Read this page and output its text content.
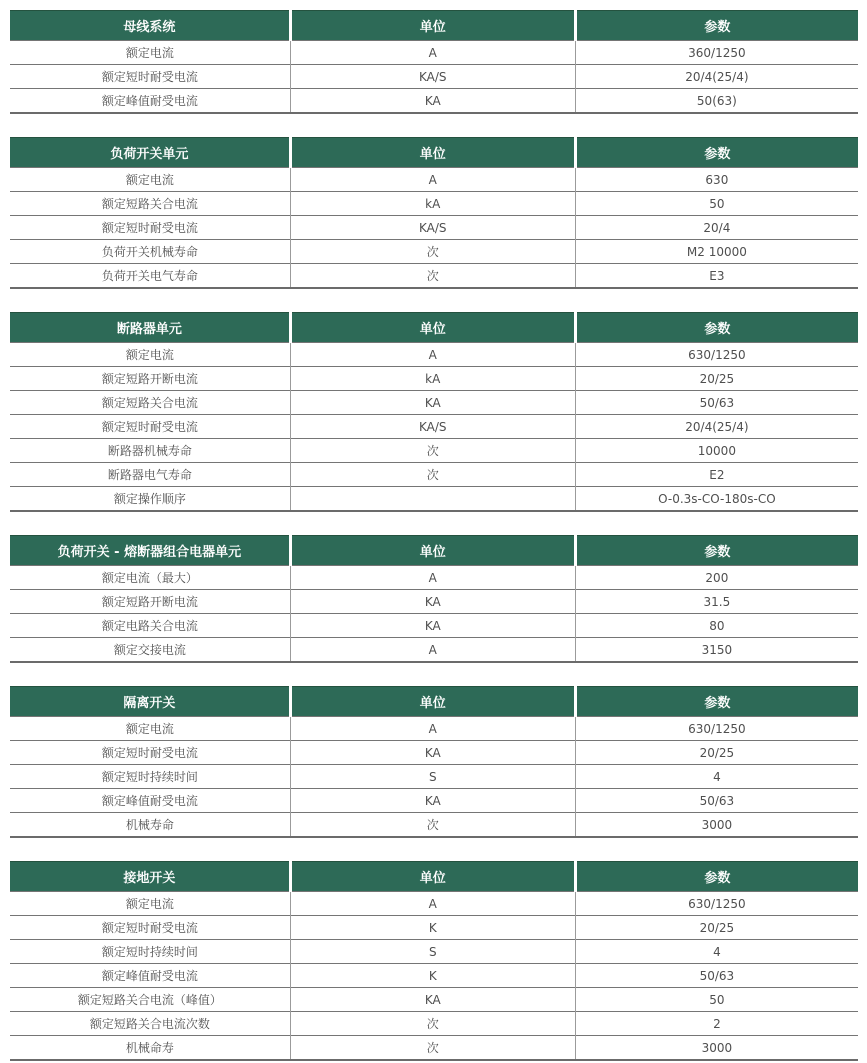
母线系统	单位	参数
额定电流	A	360/1250
额定短时耐受电流	KA/S	20/4(25/4)
额定峰值耐受电流	KA	50(63)
负荷开关单元	单位	参数
额定电流	A	630
额定短路关合电流	kA	50
额定短时耐受电流	KA/S	20/4
负荷开关机械寿命	次	M2 10000
负荷开关电气寿命	次	E3
断路器单元	单位	参数
额定电流	A	630/1250
额定短路开断电流	kA	20/25
额定短路关合电流	KA	50/63
额定短时耐受电流	KA/S	20/4(25/4)
断路器机械寿命	次	10000
断路器电气寿命	次	E2
额定操作顺序		O-0.3s-CO-180s-CO
负荷开关 - 熔断器组合电器单元	单位	参数
额定电流（最大）	A	200
额定短路开断电流	KA	31.5
额定电路关合电流	KA	80
额定交接电流	A	3150
隔离开关	单位	参数
额定电流	A	630/1250
额定短时耐受电流	KA	20/25
额定短时持续时间	S	4
额定峰值耐受电流	KA	50/63
机械寿命	次	3000
接地开关	单位	参数
额定电流	A	630/1250
额定短时耐受电流	K	20/25
额定短时持续时间	S	4
额定峰值耐受电流	K	50/63
额定短路关合电流（峰值）	KA	50
额定短路关合电流次数	次	2
机械命寿	次	3000
